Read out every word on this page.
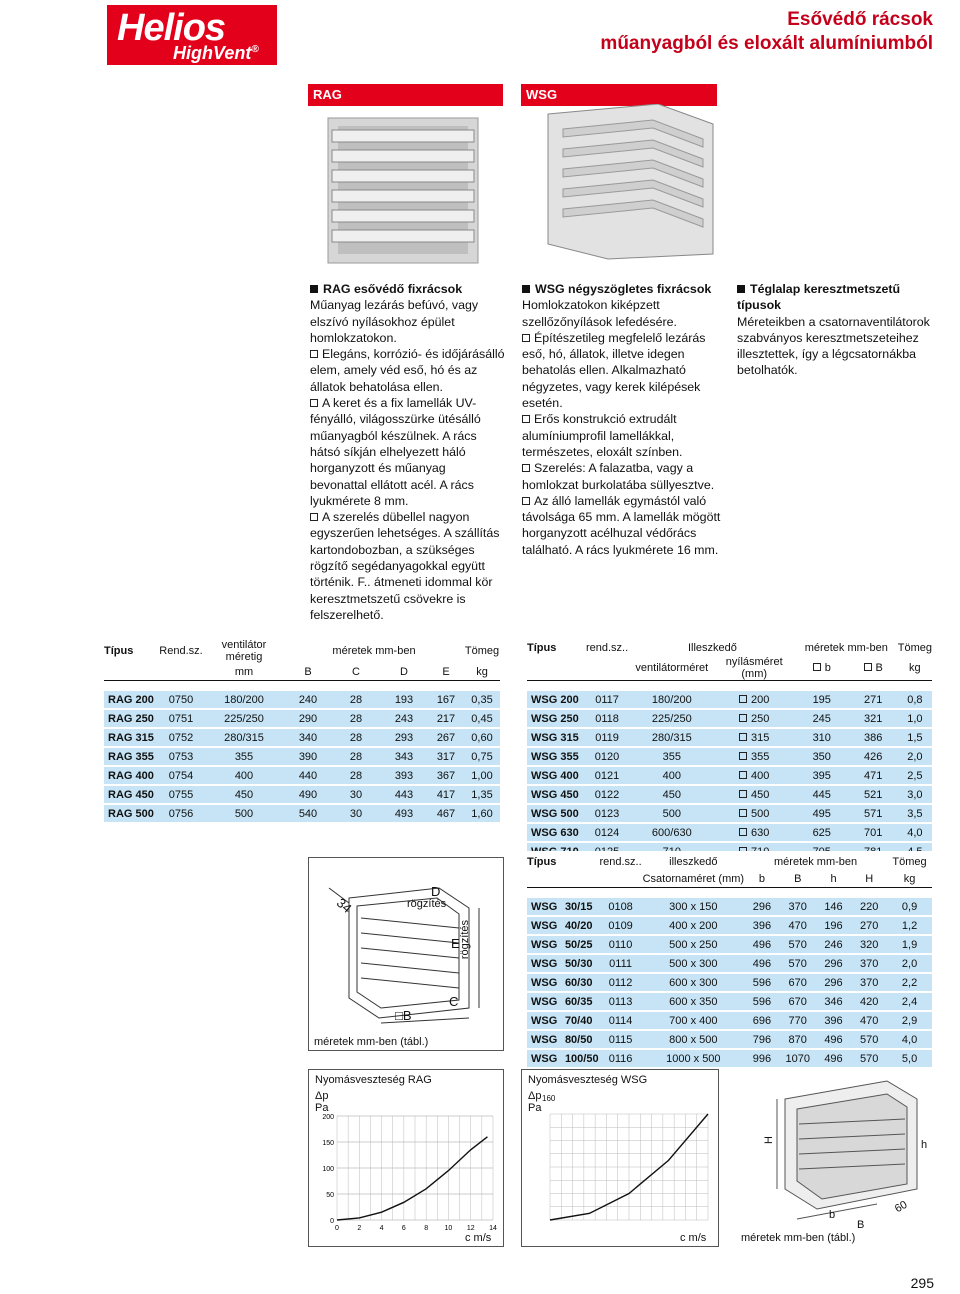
Helios
HighVent®
Esővédő rácsok
műanyagból és eloxált alumíniumból
RAG	WSG

RAG esővédő fixrácsok

Műanyag lezárás befúvó, vagy elszívó nyílásokhoz épület homlokzatokon.

Elegáns, korrózió- és időjárásálló elem, amely véd eső, hó és az állatok behatolása ellen.

A keret és a fix lamellák UV-fényálló, világosszürke ütésálló műanyagból készülnek. A rács hátsó síkján elhelyezett háló horganyzott és műanyag bevonattal ellátott acél. A rács lyukmérete 8 mm.

A szerelés dübellel nagyon egyszerűen lehetséges. A szállítás kartondobozban, a szükséges rögzítő segédanyagokkal együtt történik. F.. átmeneti idommal kör keresztmetszetű csövekre is felszerelhető.

WSG négyszögletes fixrácsok

Homlokzatokon kiképzett szellőzőnyílások lefedésére.

Építészetileg megfelelő lezárás eső, hó, állatok, illetve idegen behatolás ellen. Alkalmazható négyzetes, vagy kerek kilépések esetén.

Erős konstrukció extrudált alumíniumprofil lamellákkal, természetes, eloxált színben.

Szerelés: A falazatba, vagy a homlokzat burkolatába süllyesztve.

Az álló lamellák egymástól való távolsága 65 mm. A lamellák mögött horganyzott acélhuzal védőrács található. A rács lyukmérete 16 mm.

Téglalap keresztmetszetű típusok

Méreteikben a csatornaventilátorok szabványos keresztmetszeteihez illesztettek, így a légcsatornákba betolhatók.

Típus	Rend.sz.	ventilátor méretig	méretek mm-ben				Tömeg
		mm	B	C	D	E	kg

RAG 200	0750	180/200	240	28	193	167	0,35
RAG 250	0751	225/250	290	28	243	217	0,45
RAG 315	0752	280/315	340	28	293	267	0,60
RAG 355	0753	355	390	28	343	317	0,75
RAG 400	0754	400	440	28	393	367	1,00
RAG 450	0755	450	490	30	443	417	1,35
RAG 500	0756	500	540	30	493	467	1,60
Típus	rend.sz..	Illeszkedő		méretek mm-ben		Tömeg
		ventilátorméret	nyílásméret (mm)	b	B	kg

WSG 200	0117	180/200	200	195	271	0,8
WSG 250	0118	225/250	250	245	321	1,0
WSG 315	0119	280/315	315	310	386	1,5
WSG 355	0120	355	355	350	426	2,0
WSG 400	0121	400	400	395	471	2,5
WSG 450	0122	450	450	445	521	3,0
WSG 500	0123	500	500	495	571	3,5
WSG 630	0124	600/630	630	625	701	4,0
WSG 710	0125	710	710	705	781	4,5
Típus		rend.sz..	illeszkedő	méretek mm-ben				Tömeg
			Csatornaméret (mm)	b	B	h	H	kg

WSG	30/15	0108	300 x 150	296	370	146	220	0,9
WSG	40/20	0109	400 x 200	396	470	196	270	1,2
WSG	50/25	0110	500 x 250	496	570	246	320	1,9
WSG	50/30	0111	500 x 300	496	570	296	370	2,0
WSG	60/30	0112	600 x 300	596	670	296	370	2,2
WSG	60/35	0113	600 x 350	596	670	346	420	2,4
WSG	70/40	0114	700 x 400	696	770	396	470	2,9
WSG	80/50	0115	800 x 500	796	870	496	570	4,0
WSG	100/50	0116	1000 x 500	996	1070	496	570	5,0
34
D
rögzítés
E rögzítés
C
□B
méretek mm-ben (tábl.)
Nyomásveszteség RAG
Δp
Pa
0
50
100
150
200
0	2	4	6	8 10 12 14
c m/s
Nyomásveszteség WSG
Δp
Pa
160
c m/s
H	h
b
B
60
méretek mm-ben (tábl.)
295
